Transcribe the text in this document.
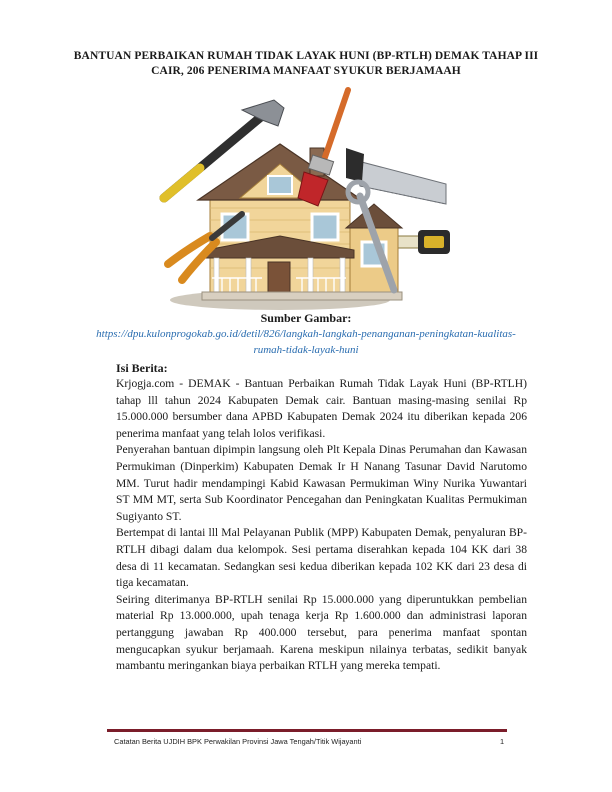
BANTUAN PERBAIKAN RUMAH TIDAK LAYAK HUNI (BP-RTLH) DEMAK TAHAP III CAIR, 206 PENERIMA MANFAAT SYUKUR BERJAMAAH
Sumber Gambar:
https://dpu.kulonprogokab.go.id/detil/826/langkah-langkah-penanganan-peningkatan-kualitas-rumah-tidak-layak-huni
Isi Berita:

Krjogja.com - DEMAK - Bantuan Perbaikan Rumah Tidak Layak Huni (BP-RTLH) tahap lll tahun 2024 Kabupaten Demak cair. Bantuan masing-masing senilai Rp 15.000.000 bersumber dana APBD Kabupaten Demak 2024 itu diberikan kepada 206 penerima manfaat yang telah lolos verifikasi.

Penyerahan bantuan dipimpin langsung oleh Plt Kepala Dinas Perumahan dan Kawasan Permukiman (Dinperkim) Kabupaten Demak Ir H Nanang Tasunar David Narutomo MM. Turut hadir mendampingi Kabid Kawasan Permukiman Winy Nurika Yuwantari ST MM MT, serta Sub Koordinator Pencegahan dan Peningkatan Kualitas Permukiman Sugiyanto ST.

Bertempat di lantai lll Mal Pelayanan Publik (MPP) Kabupaten Demak, penyaluran BP-RTLH dibagi dalam dua kelompok. Sesi pertama diserahkan kepada 104 KK dari 38 desa di 11 kecamatan. Sedangkan sesi kedua diberikan kepada 102 KK dari 23 desa di tiga kecamatan.

Seiring diterimanya BP-RTLH senilai Rp 15.000.000 yang diperuntukkan pembelian material Rp 13.000.000, upah tenaga kerja Rp 1.600.000 dan administrasi laporan pertanggung jawaban Rp 400.000 tersebut, para penerima manfaat spontan mengucapkan syukur berjamaah. Karena meskipun nilainya terbatas, sedikit banyak mambantu meringankan biaya perbaikan RTLH yang mereka tempati.

Catatan Berita UJDIH BPK Perwakilan Provinsi Jawa Tengah/Titik Wijayanti	1
